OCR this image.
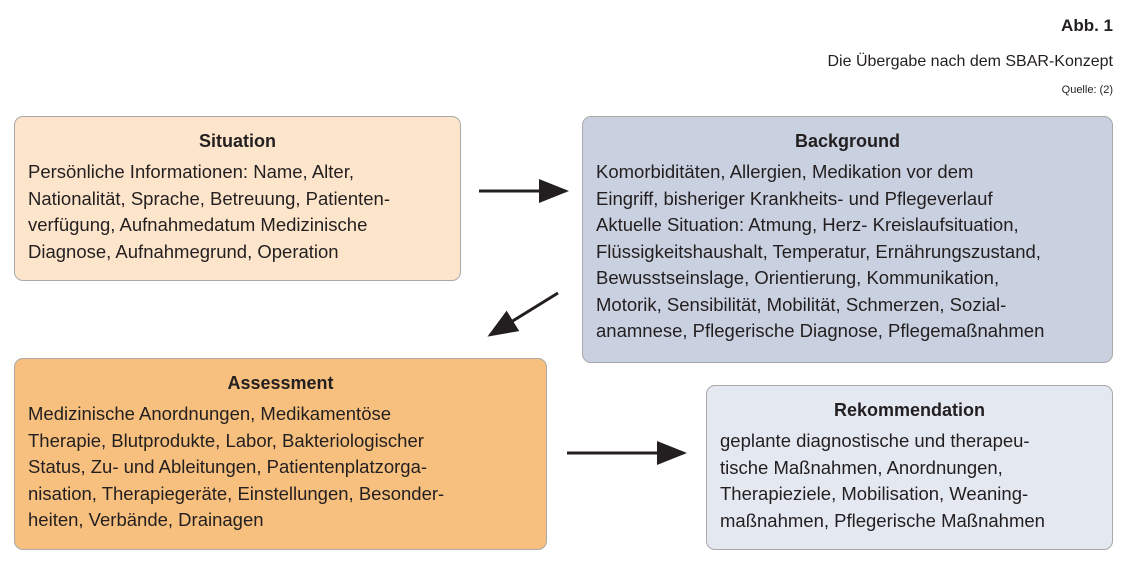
Abb. 1
Die Übergabe nach dem SBAR-Konzept
Quelle: (2)
Situation
Persönliche Informationen: Name, Alter,
Nationalität, Sprache, Betreuung, Patienten-
verfügung, Aufnahmedatum Medizinische
Diagnose, Aufnahmegrund, Operation
Background
Komorbiditäten, Allergien, Medikation vor dem
Eingriff, bisheriger Krankheits- und Pflegeverlauf
Aktuelle Situation: Atmung, Herz- Kreislaufsituation,
Flüssigkeitshaushalt, Temperatur, Ernährungszustand,
Bewusstseinslage, Orientierung, Kommunikation,
Motorik, Sensibilität, Mobilität, Schmerzen, Sozial-
anamnese, Pflegerische Diagnose, Pflegemaßnahmen
Assessment
Medizinische Anordnungen, Medikamentöse
Therapie, Blutprodukte, Labor, Bakteriologischer
Status, Zu- und Ableitungen, Patientenplatzorga-
nisation, Therapiegeräte, Einstellungen, Besonder-
heiten, Verbände, Drainagen
Rekommendation
geplante diagnostische und therapeu-
tische Maßnahmen, Anordnungen,
Therapieziele, Mobilisation, Weaning-
maßnahmen, Pflegerische Maßnahmen
